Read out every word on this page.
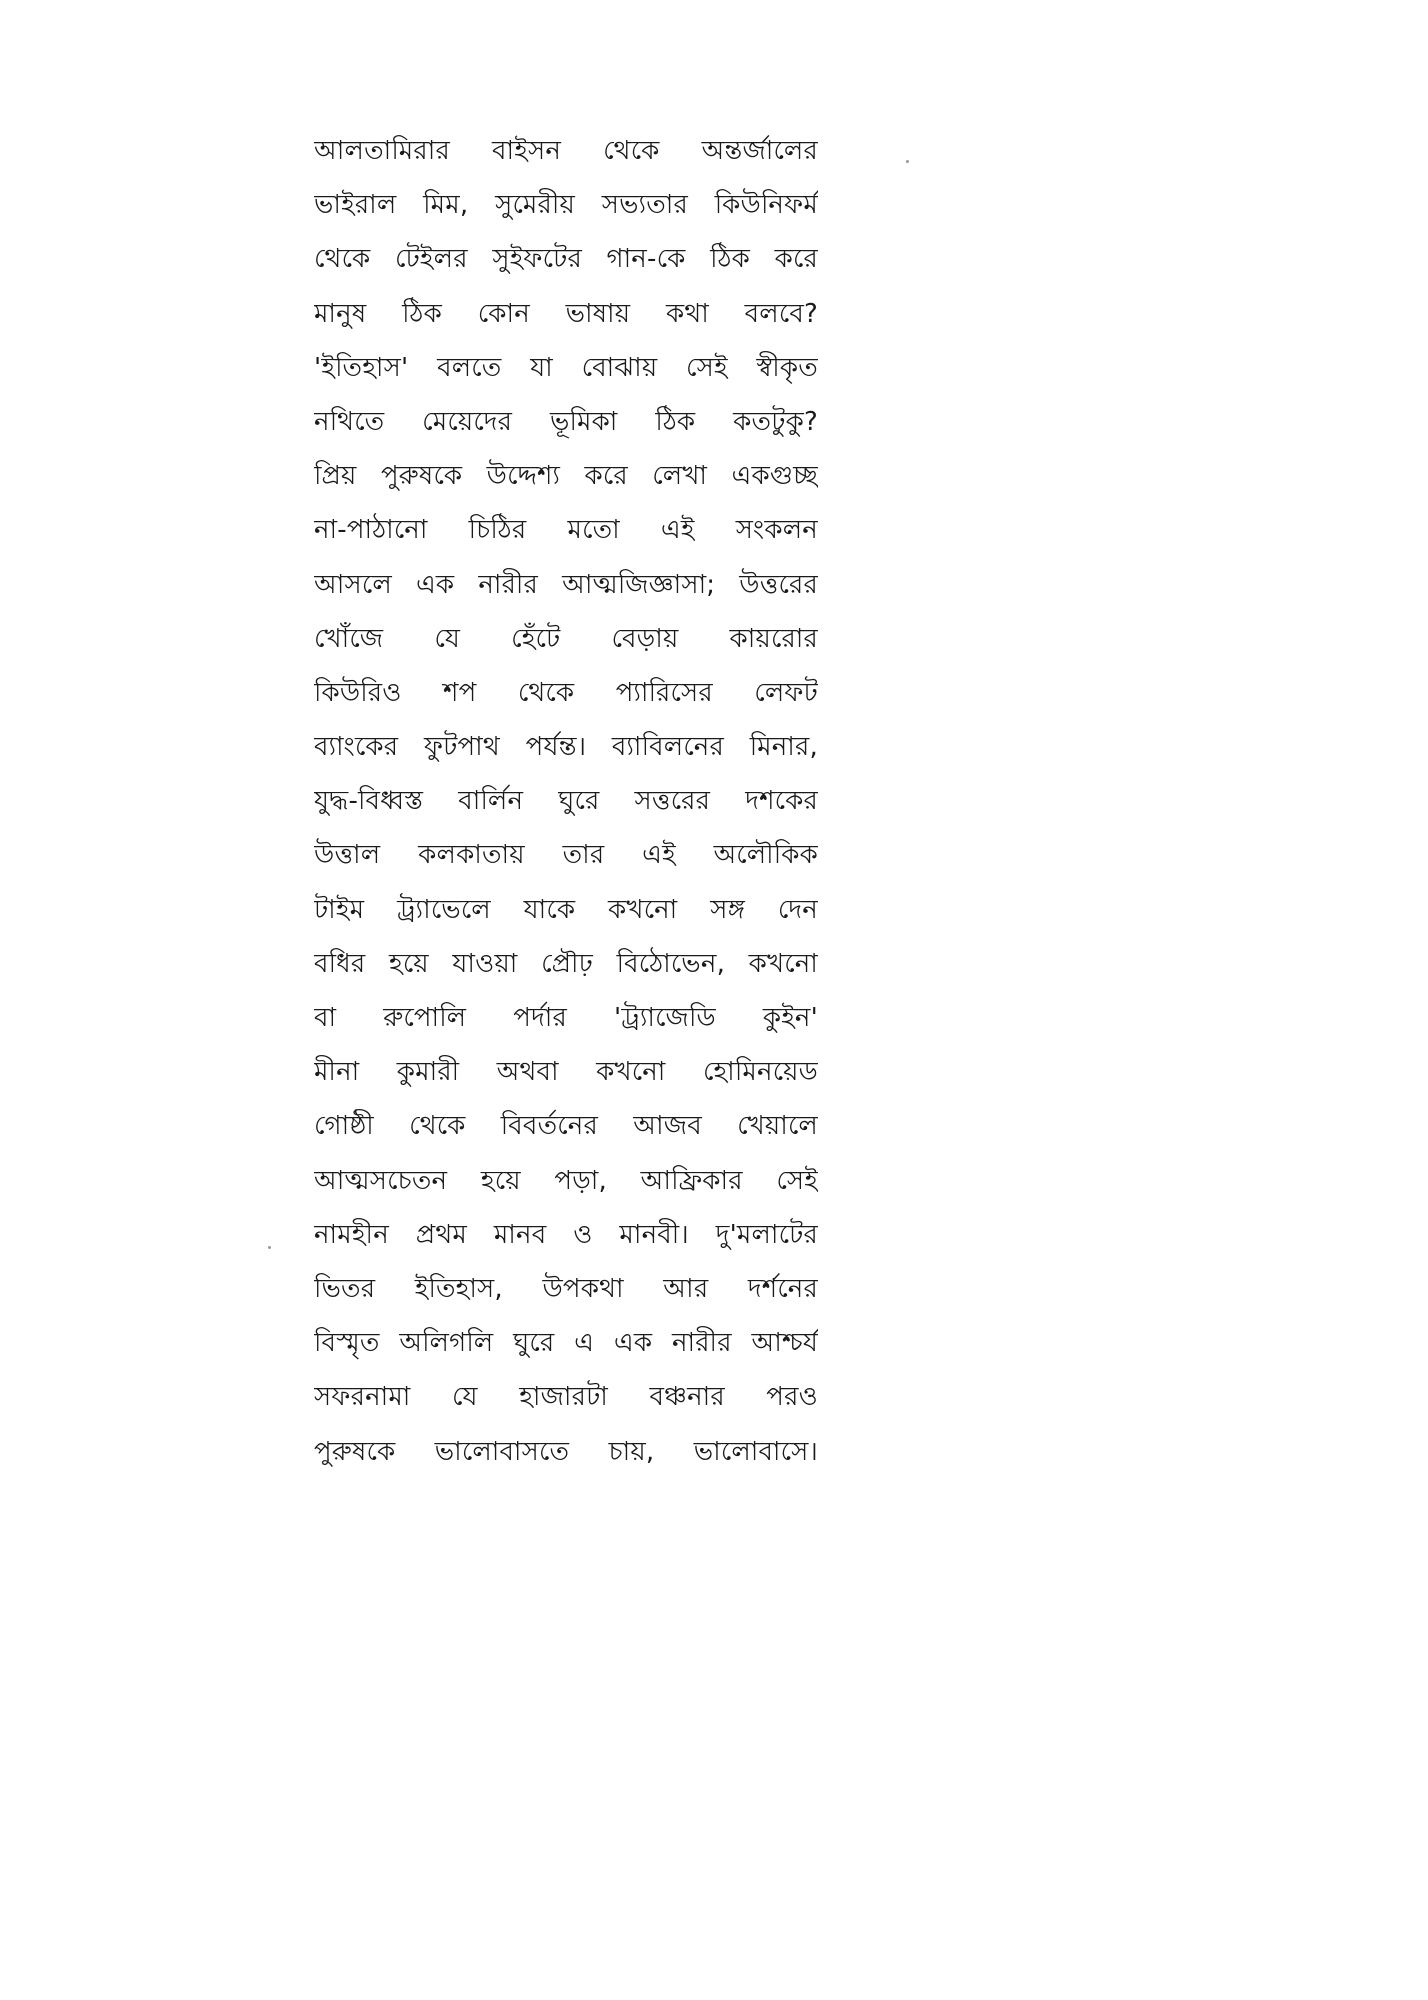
আলতামিরার বাইসন থেকে অন্তর্জালের
ভাইরাল মিম, সুমেরীয় সভ্যতার কিউনিফর্ম
থেকে টেইলর সুইফটের গান-কে ঠিক করে
মানুষ ঠিক কোন ভাষায় কথা বলবে?
'ইতিহাস' বলতে যা বোঝায় সেই স্বীকৃত
নথিতে মেয়েদের ভূমিকা ঠিক কতটুকু?
প্রিয় পুরুষকে উদ্দেশ্য করে লেখা একগুচ্ছ
না-পাঠানো চিঠির মতো এই সংকলন
আসলে এক নারীর আত্মজিজ্ঞাসা; উত্তরের
খোঁজে যে হেঁটে বেড়ায় কায়রোর
কিউরিও শপ থেকে প্যারিসের লেফট
ব্যাংকের ফুটপাথ পর্যন্ত। ব্যাবিলনের মিনার,
যুদ্ধ-বিধ্বস্ত বার্লিন ঘুরে সত্তরের দশকের
উত্তাল কলকাতায় তার এই অলৌকিক
টাইম ট্র্যাভেলে যাকে কখনো সঙ্গ দেন
বধির হয়ে যাওয়া প্রৌঢ় বিঠোভেন, কখনো
বা রুপোলি পর্দার 'ট্র্যাজেডি কুইন'
মীনা কুমারী অথবা কখনো হোমিনয়েড
গোষ্ঠী থেকে বিবর্তনের আজব খেয়ালে
আত্মসচেতন হয়ে পড়া, আফ্রিকার সেই
নামহীন প্রথম মানব ও মানবী। দু'মলাটের
ভিতর ইতিহাস, উপকথা আর দর্শনের
বিস্মৃত অলিগলি ঘুরে এ এক নারীর আশ্চর্য
সফরনামা যে হাজারটা বঞ্চনার পরও
পুরুষকে ভালোবাসতে চায়, ভালোবাসে।
